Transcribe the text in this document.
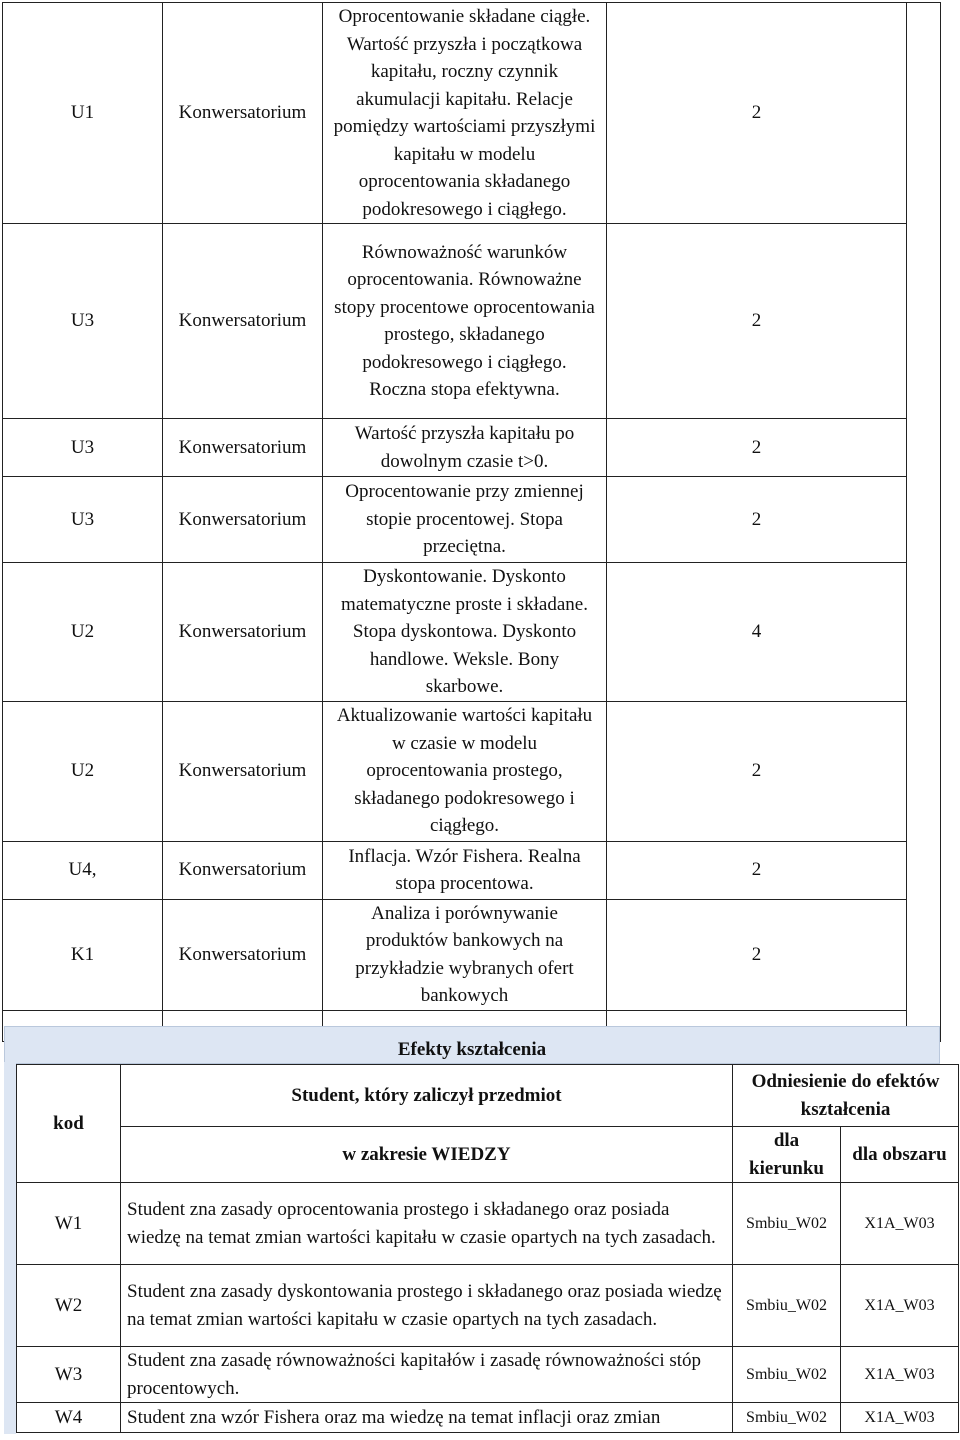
U1	Konwersatorium	Oprocentowanie składane ciągłe. Wartość przyszła i początkowa kapitału, roczny czynnik akumulacji kapitału. Relacje pomiędzy wartościami przyszłymi kapitału w modelu oprocentowania składanego podokresowego i ciągłego.	2	
U3	Konwersatorium	Równoważność warunków oprocentowania. Równoważne stopy procentowe oprocentowania prostego, składanego podokresowego i ciągłego. Roczna stopa efektywna.	2	
U3	Konwersatorium	Wartość przyszła kapitału po dowolnym czasie t>0.	2	
U3	Konwersatorium	Oprocentowanie przy zmiennej stopie procentowej. Stopa przeciętna.	2	
U2	Konwersatorium	Dyskontowanie. Dyskonto matematyczne proste i składane. Stopa dyskontowa. Dyskonto handlowe. Weksle. Bony skarbowe.	4	
U2	Konwersatorium	Aktualizowanie wartości kapitału w czasie w modelu oprocentowania prostego, składanego podokresowego i ciągłego.	2	
U4,	Konwersatorium	Inflacja. Wzór Fishera. Realna stopa procentowa.	2	
K1	Konwersatorium	Analiza i porównywanie produktów bankowych na przykładzie wybranych ofert bankowych	2	

Efekty kształcenia
kod	Student, który zaliczył przedmiot	Odniesienie do efektów kształcenia	
	w zakresie WIEDZY	dla kierunku	dla obszaru
W1	Student zna zasady oprocentowania prostego i składanego oraz posiada wiedzę na temat zmian wartości kapitału w czasie opartych na tych zasadach.	Smbiu_W02	X1A_W03
W2	Student zna zasady dyskontowania prostego i składanego oraz posiada wiedzę na temat zmian wartości kapitału w czasie opartych na tych zasadach.	Smbiu_W02	X1A_W03
W3	Student zna zasadę równoważności kapitałów i zasadę równoważności stóp procentowych.	Smbiu_W02	X1A_W03
W4	Student zna wzór Fishera oraz ma wiedzę na temat inflacji oraz zmian	Smbiu_W02	X1A_W03
